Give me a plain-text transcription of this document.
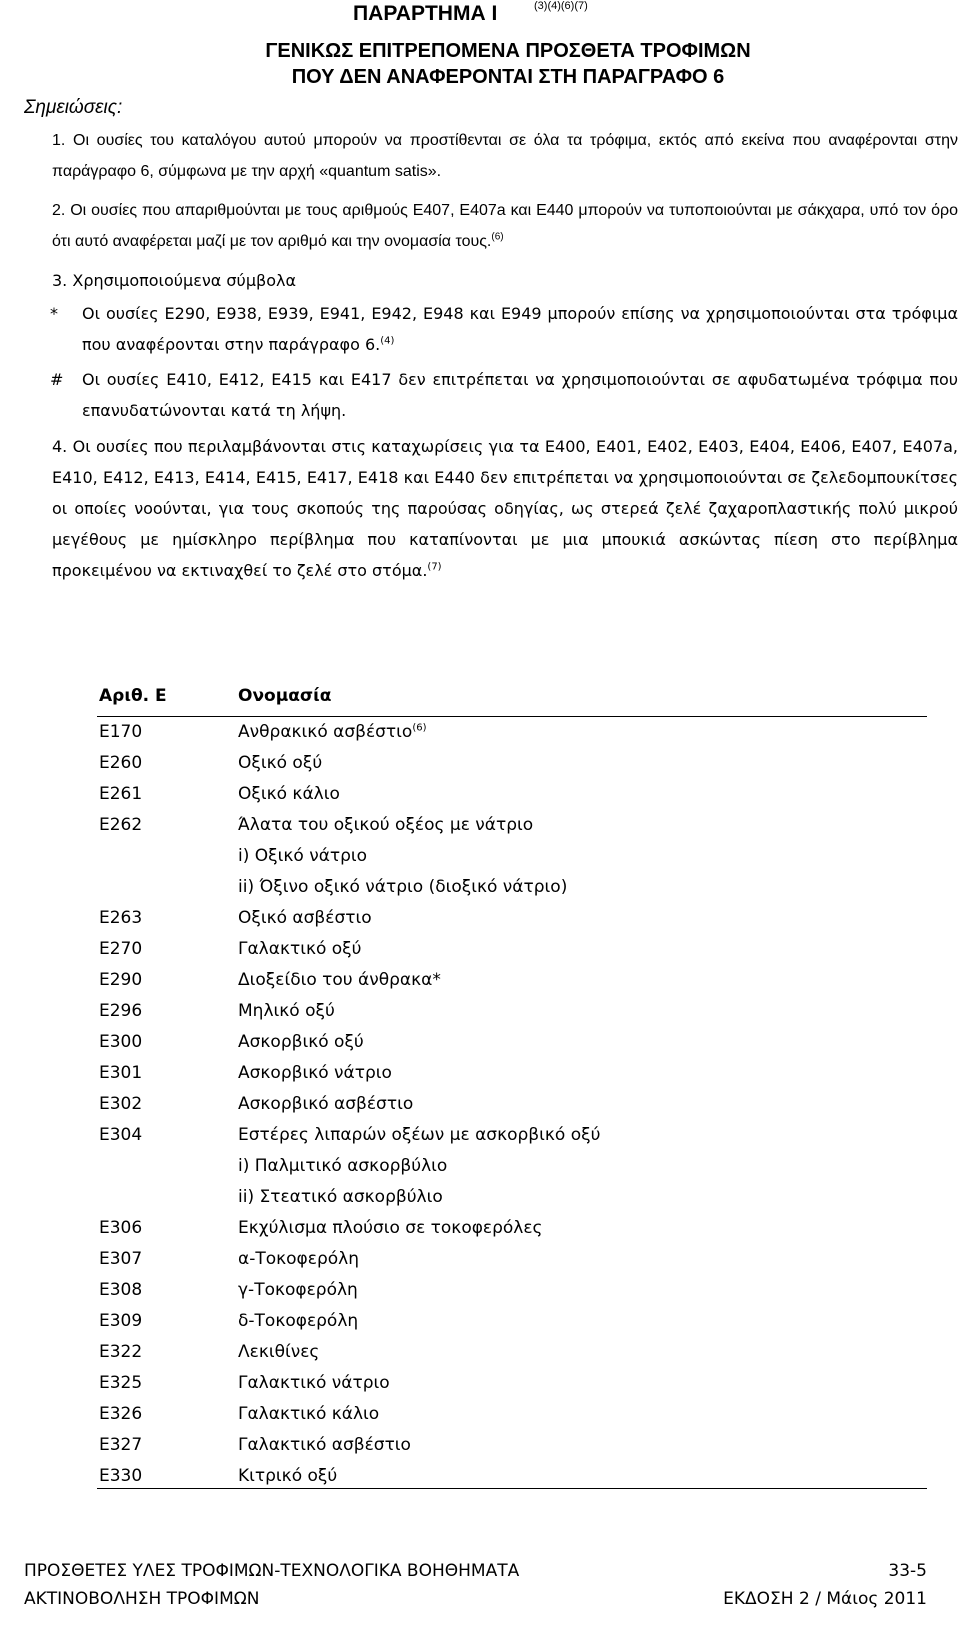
ΠΑΡΑΡΤΗΜΑ Ι	(3)(4)(6)(7)
ΓΕΝΙΚΩΣ ΕΠΙΤΡΕΠΟΜΕΝΑ ΠΡΟΣΘΕΤΑ ΤΡΟΦΙΜΩΝ
ΠΟΥ ΔΕΝ ΑΝΑΦΕΡΟΝΤΑΙ ΣΤΗ ΠΑΡΑΓΡΑΦΟ 6
Σημειώσεις:
1. Οι ουσίες του καταλόγου αυτού μπορούν να προστίθενται σε όλα τα τρόφιμα, εκτός από εκείνα που αναφέρονται στην παράγραφο 6, σύμφωνα με την αρχή «quantum satis».
2. Οι ουσίες που απαριθμούνται με τους αριθμούς E407, E407a και E440 μπορούν να τυποποιούνται με σάκχαρα, υπό τον όρο ότι αυτό αναφέρεται μαζί με τον αριθμό και την ονομασία τους.$^{(6)}$
3. Χρησιμοποιούμενα σύμβολα
* Οι ουσίες E290, E938, E939, E941, E942, E948 και E949 μπορούν επίσης να χρησιμοποιούνται στα τρόφιμα που αναφέρονται στην παράγραφο 6.$^{(4)}$
# Οι ουσίες E410, E412, E415 και E417 δεν επιτρέπεται να χρησιμοποιούνται σε αφυδατωμένα τρόφιμα που επανυδατώνονται κατά τη λήψη.
4. Οι ουσίες που περιλαμβάνονται στις καταχωρίσεις για τα E400, E401, E402, E403, E404, E406, E407, E407a, E410, E412, E413, E414, E415, E417, E418 και E440 δεν επιτρέπεται να χρησιμοποιούνται σε ζελεδομπουκίτσες οι οποίες νοούνται, για τους σκοπούς της παρούσας οδηγίας, ως στερεά ζελέ ζαχαροπλαστικής πολύ μικρού μεγέθους με ημίσκληρο περίβλημα που καταπίνονται με μια μπουκιά ασκώντας πίεση στο περίβλημα προκειμένου να εκτιναχθεί το ζελέ στο στόμα.$^{(7)}$
Αριθ. E	Ονομασία
E170	Ανθρακικό ασβέστιο$^{(6)}$
E260	Οξικό οξύ
E261	Οξικό κάλιο
E262	Άλατα του οξικού οξέος με νάτριο
i) Οξικό νάτριο
ii) Όξινο οξικό νάτριο (διοξικό νάτριο)
E263	Οξικό ασβέστιο
E270	Γαλακτικό οξύ
E290	Διοξείδιο του άνθρακα*
E296	Μηλικό οξύ
E300	Ασκορβικό οξύ
E301	Ασκορβικό νάτριο
E302	Ασκορβικό ασβέστιο
E304	Εστέρες λιπαρών οξέων με ασκορβικό οξύ
i) Παλμιτικό ασκορβύλιο
ii) Στεατικό ασκορβύλιο
E306	Εκχύλισμα πλούσιο σε τοκοφερόλες
E307	α-Τοκοφερόλη
E308	γ-Τοκοφερόλη
E309	δ-Τοκοφερόλη
E322	Λεκιθίνες
E325	Γαλακτικό νάτριο
E326	Γαλακτικό κάλιο
E327	Γαλακτικό ασβέστιο
E330	Κιτρικό οξύ
ΠΡΟΣΘΕΤΕΣ ΥΛΕΣ ΤΡΟΦΙΜΩΝ-ΤΕΧΝΟΛΟΓΙΚΑ ΒΟΗΘΗΜΑΤΑ
ΑΚΤΙΝΟΒΟΛΗΣΗ ΤΡΟΦΙΜΩΝ
33-5
ΕΚΔΟΣΗ 2 / Μάιος 2011
